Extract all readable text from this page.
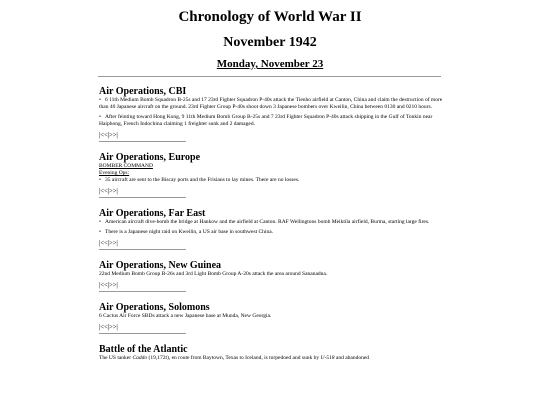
Chronology of World War II
November 1942
Monday, November 23
Air Operations, CBI
• 6 11th Medium Bomb Squadron B-25s and 17 23rd Fighter Squadron P-40s attack the Tienho airfield at Canton, China and claim the destruction of more than 40 Japanese aircraft on the ground. 23rd Fighter Group P-40s shoot down 3 Japanese bombers over Kweilin, China between 0130 and 0210 hours.
• After feinting toward Hong Kong, 9 11th Medium Bomb Group B-25s and 7 23rd Fighter Squadron P-40s attack shipping in the Gulf of Tonkin near Haiphong, French Indochina claiming 1 freighter sunk and 2 damaged.
|<<|>>|
Air Operations, Europe
BOMBER COMMAND
Evening Ops:
• 35 aircraft are sent to the Biscay ports and the Frisians to lay mines. There are no losses.
|<<|>>|
Air Operations, Far East
• American aircraft dive-bomb the bridge at Hankow and the airfield at Canton. RAF Wellingtons bomb Meiktila airfield, Burma, starting large fires.
• There is a Japanese night raid on Kweilin, a US air base in southwest China.
|<<|>>|
Air Operations, New Guinea
22nd Medium Bomb Group B-26s and 3rd Light Bomb Group A-20s attack the area around Sananadna.
|<<|>>|
Air Operations, Solomons
6 Cactus Air Force SBDs attack a new Japanese base at Munda, New Georgia.
|<<|>>|
Battle of the Atlantic
The US tanker Caddo (19,172t), en route from Baytown, Texas to Iceland, is torpedoed and sunk by U-518 and abandoned
